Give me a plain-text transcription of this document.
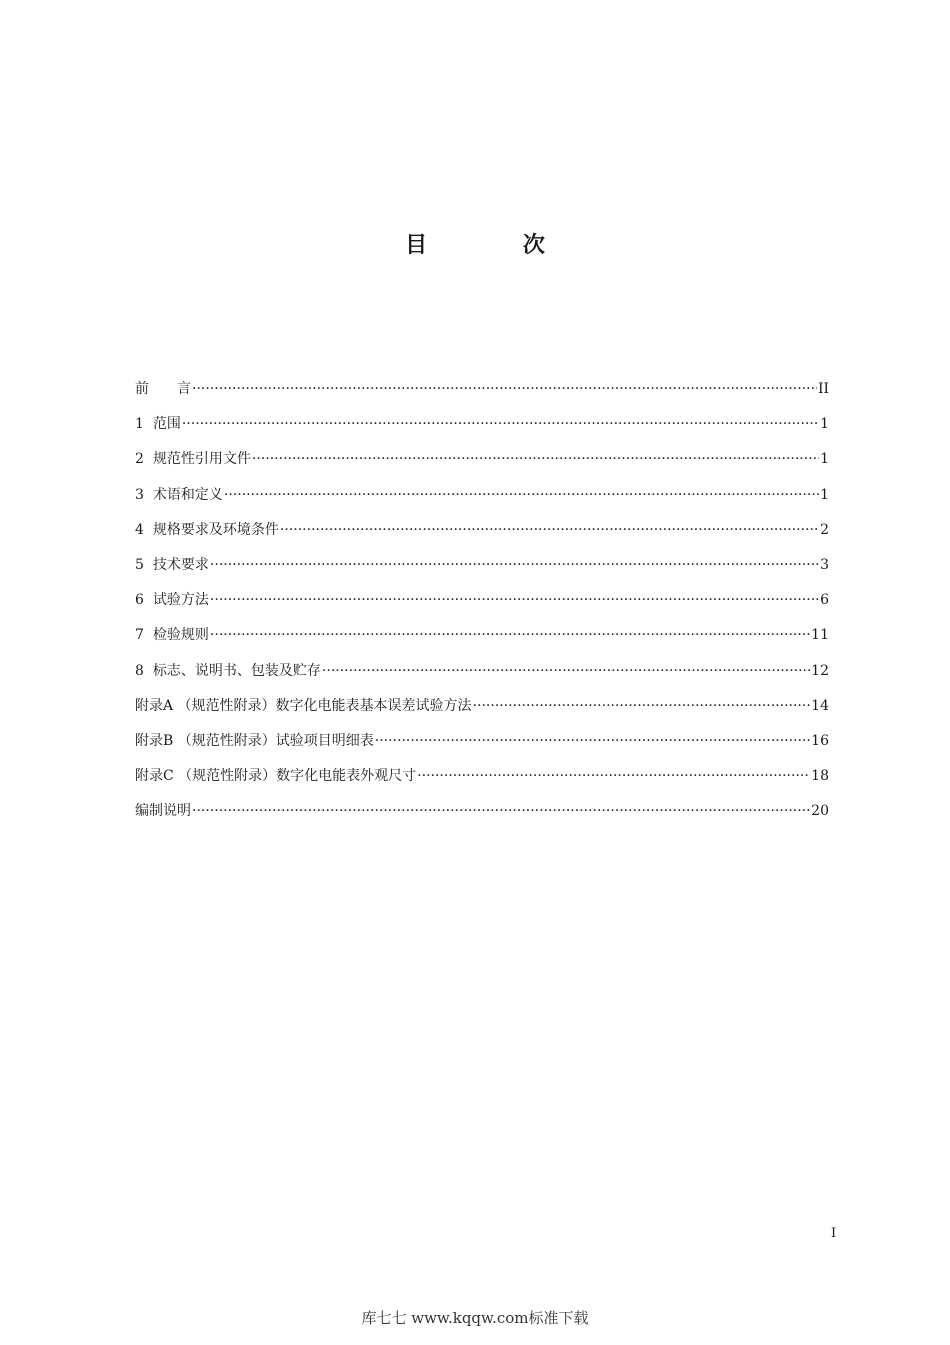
目 次
前　　言 ·····	II
1 范围 ·····	1
2 规范性引用文件 ·····	1
3 术语和定义 ·····	1
4 规格要求及环境条件 ·····	2
5 技术要求 ·····	3
6 试验方法 ·····	6
7 检验规则 ·····	11
8 标志、说明书、包装及贮存 ·····	12
附录A （规范性附录）数字化电能表基本误差试验方法 ·····	14
附录B （规范性附录）试验项目明细表 ·····	16
附录C （规范性附录）数字化电能表外观尺寸 ·····	18
编制说明 ·····	20
I
库七七 www.kqqw.com标准下载
